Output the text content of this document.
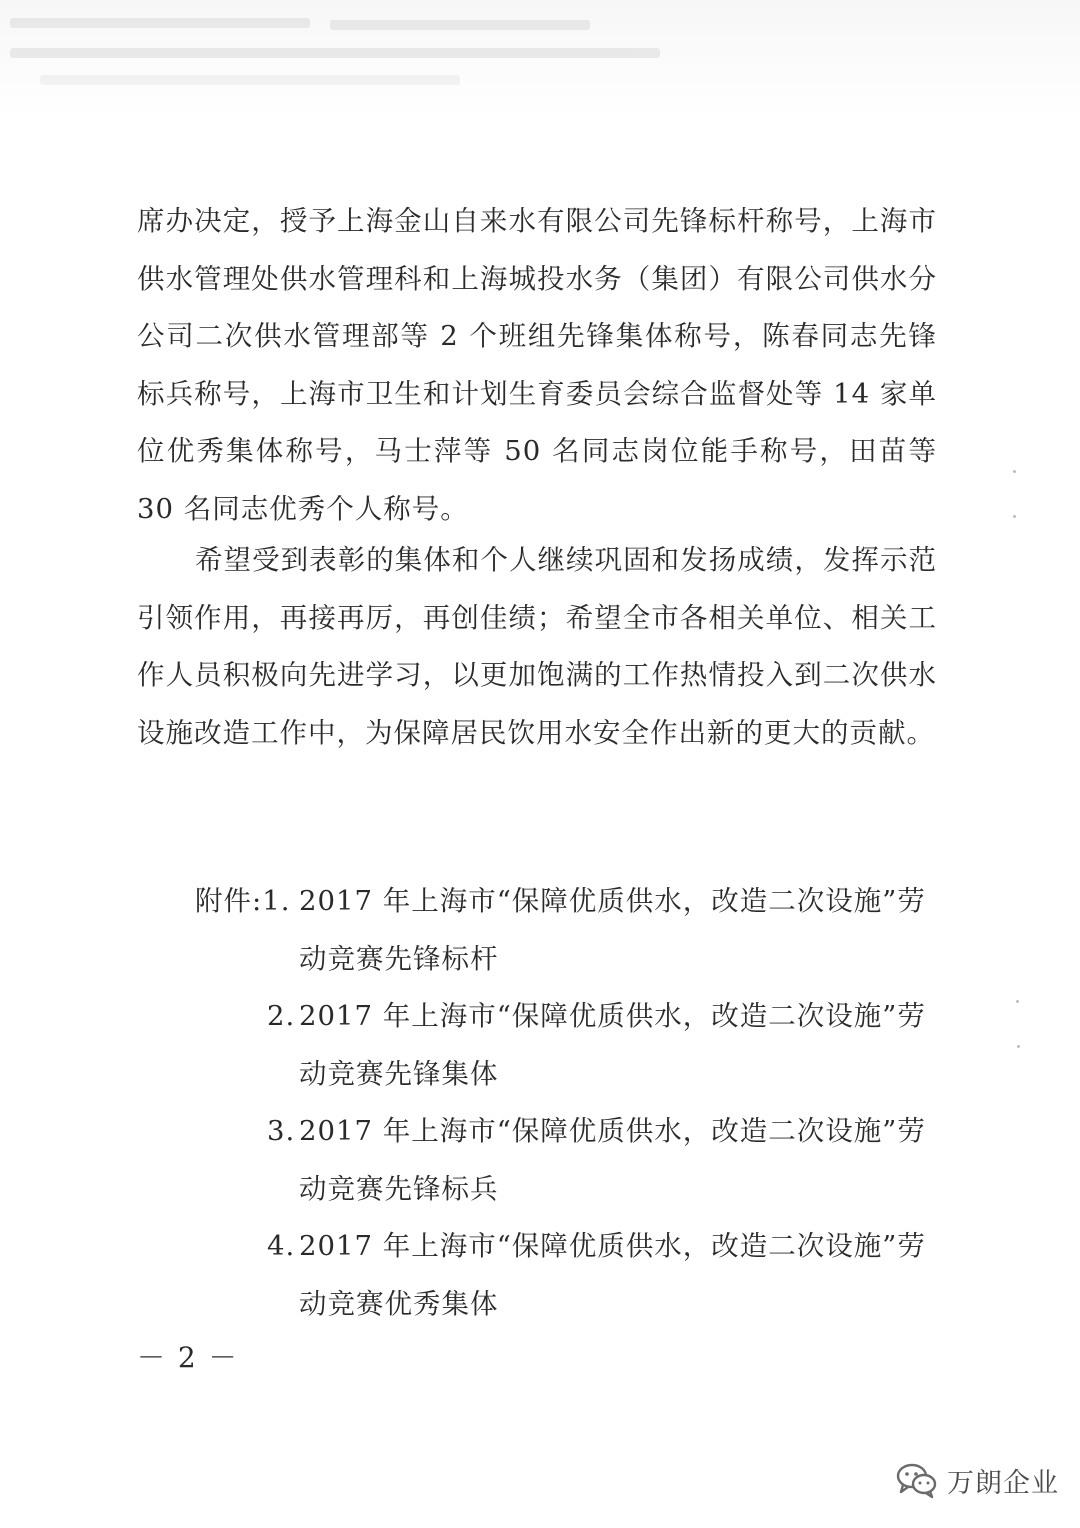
席办决定，授予上海金山自来水有限公司先锋标杆称号，上海市供水管理处供水管理科和上海城投水务（集团）有限公司供水分公司二次供水管理部等 2 个班组先锋集体称号，陈春同志先锋标兵称号，上海市卫生和计划生育委员会综合监督处等 14 家单位优秀集体称号，马士萍等 50 名同志岗位能手称号，田苗等 30 名同志优秀个人称号。
希望受到表彰的集体和个人继续巩固和发扬成绩，发挥示范引领作用，再接再厉，再创佳绩；希望全市各相关单位、相关工作人员积极向先进学习，以更加饱满的工作热情投入到二次供水设施改造工作中，为保障居民饮用水安全作出新的更大的贡献。
附件:1. 2017 年上海市“保障优质供水，改造二次设施”劳动竞赛先锋标杆
2. 2017 年上海市“保障优质供水，改造二次设施”劳动竞赛先锋集体
3. 2017 年上海市“保障优质供水，改造二次设施”劳动竞赛先锋标兵
4. 2017 年上海市“保障优质供水，改造二次设施”劳动竞赛优秀集体
－ 2 －
万朗企业
